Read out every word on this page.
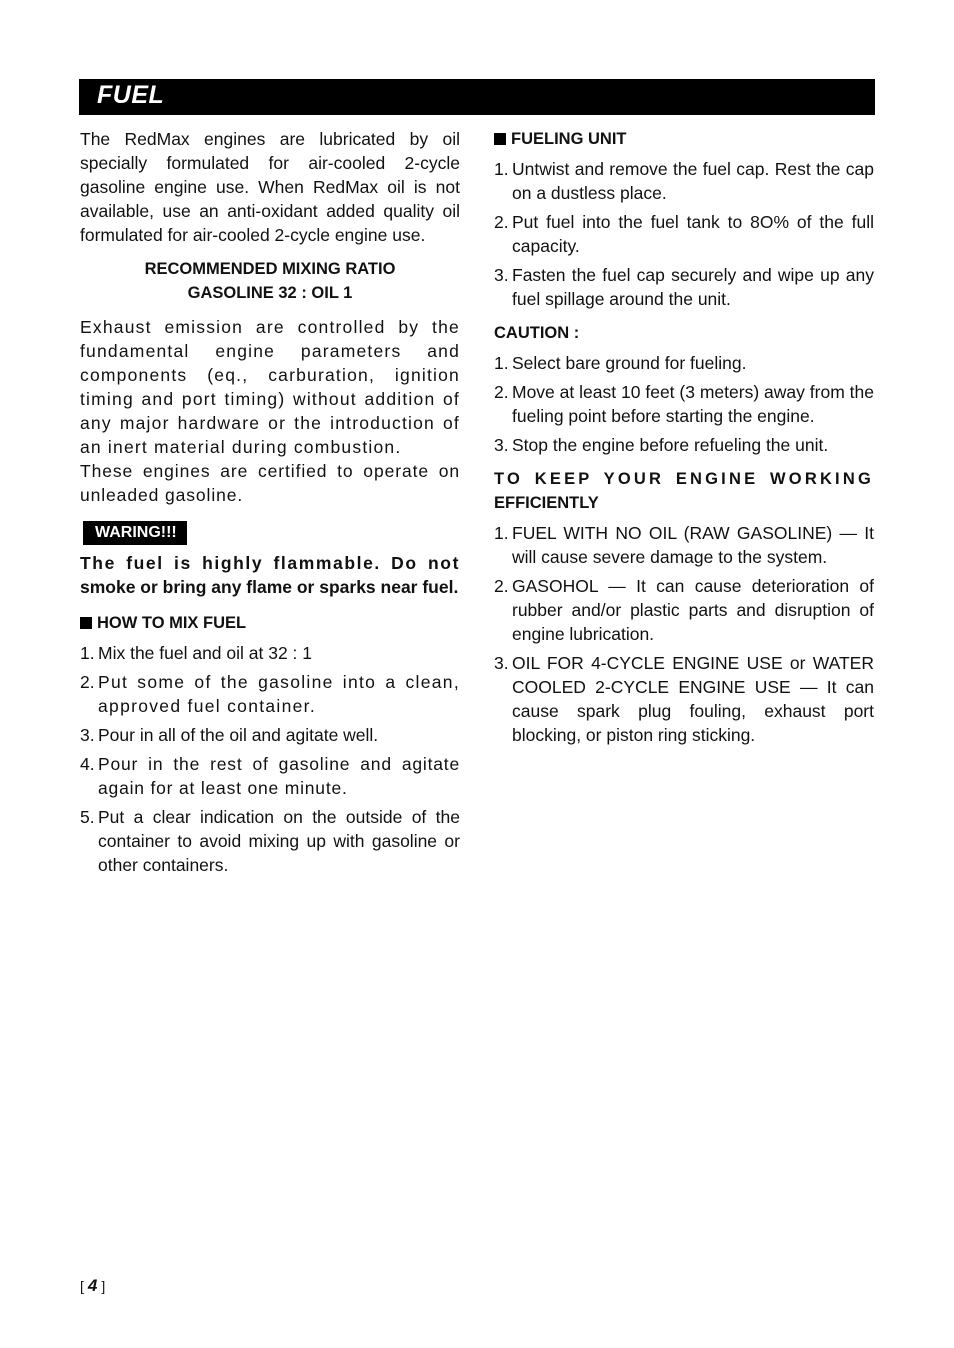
FUEL

The RedMax engines are lubricated by oil specially formulated for air-cooled 2-cycle gasoline engine use. When RedMax oil is not available, use an anti-oxidant added quality oil formulated for air-cooled 2-cycle engine use.

RECOMMENDED MIXING RATIO
GASOLINE 32 : OIL 1

Exhaust emission are controlled by the fundamental engine parameters and components (eq., carburation, ignition timing and port timing) without addition of any major hardware or the introduction of an inert material during combustion.

These engines are certified to operate on unleaded gasoline.

WARING!!!
The fuel is highly flammable. Do not
smoke or bring any flame or sparks near fuel.
HOW TO MIX FUEL
1. Mix the fuel and oil at 32 : 1
2. Put some of the gasoline into a clean, approved fuel container.
3. Pour in all of the oil and agitate well.
4. Pour in the rest of gasoline and agitate again for at least one minute.
5. Put a clear indication on the outside of the container to avoid mixing up with gasoline or other containers.
FUELING UNIT
1. Untwist and remove the fuel cap. Rest the cap on a dustless place.
2. Put fuel into the fuel tank to 8O% of the full capacity.
3. Fasten the fuel cap securely and wipe up any fuel spillage around the unit.
CAUTION :
1. Select bare ground for fueling.
2. Move at least 10 feet (3 meters) away from the fueling point before starting the engine.
3. Stop the engine before refueling the unit.
TO KEEP YOUR ENGINE WORKING
EFFICIENTLY
1. FUEL WITH NO OIL (RAW GASOLINE) — It will cause severe damage to the system.
2. GASOHOL — It can cause deterioration of rubber and/or plastic parts and disruption of engine lubrication.
3. OIL FOR 4-CYCLE ENGINE USE or WATER COOLED 2-CYCLE ENGINE USE — It can cause spark plug fouling, exhaust port blocking, or piston ring sticking.
[ 4 ]
